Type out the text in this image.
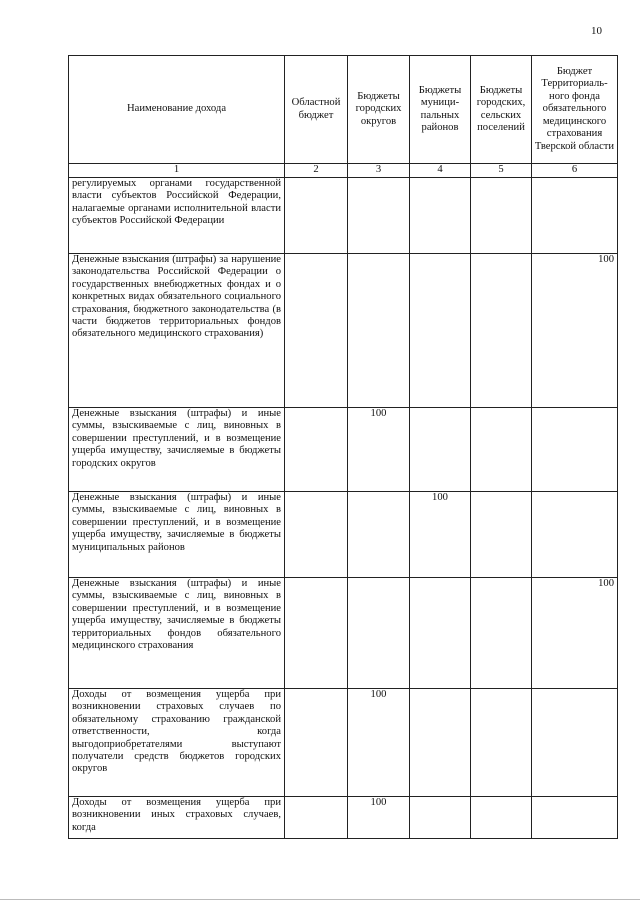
10
Наименование дохода	Областной бюджет	Бюджеты городских округов	Бюджеты муници-пальных районов	Бюджеты городских, сельских поселений	Бюджет Территориаль-ного фонда обязательного медицинского страхования Тверской области
1	2	3	4	5	6
регулируемых органами государственной власти субъектов Российской Федерации, налагаемые органами исполнительной власти субъектов Российской Федерации					
Денежные взыскания (штрафы) за нарушение законодательства Российской Федерации о государственных внебюджетных фондах и о конкретных видах обязательного социального страхования, бюджетного законодательства (в части бюджетов территориальных фондов обязательного медицинского страхования)					100
Денежные взыскания (штрафы) и иные суммы, взыскиваемые с лиц, виновных в совершении преступлений, и в возмещение ущерба имуществу, зачисляемые в бюджеты городских округов		100			
Денежные взыскания (штрафы) и иные суммы, взыскиваемые с лиц, виновных в совершении преступлений, и в возмещение ущерба имуществу, зачисляемые в бюджеты муниципальных районов			100		
Денежные взыскания (штрафы) и иные суммы, взыскиваемые с лиц, виновных в совершении преступлений, и в возмещение ущерба имуществу, зачисляемые в бюджеты территориальных фондов обязательного медицинского страхования					100
Доходы от возмещения ущерба при возникновении страховых случаев по обязательному страхованию гражданской ответственности, когда выгодоприобретателями выступают получатели средств бюджетов городских округов		100			
Доходы от возмещения ущерба при возникновении иных страховых случаев, когда		100			
